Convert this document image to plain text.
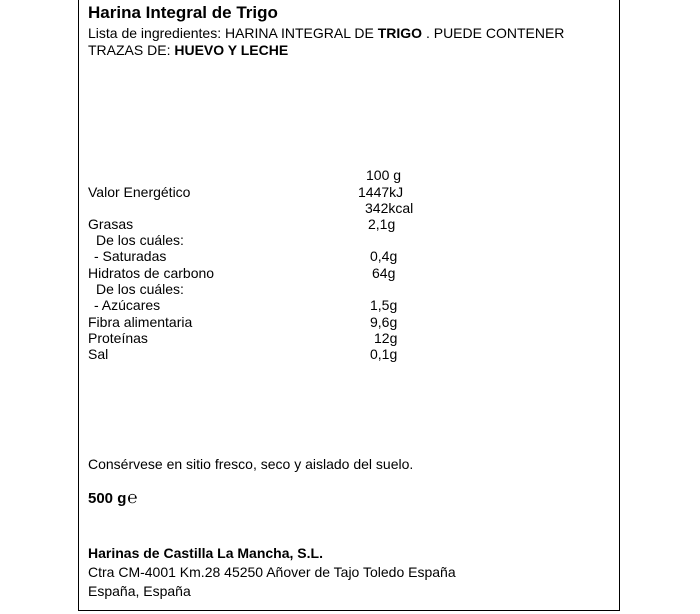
Harina Integral de Trigo
Lista de ingredientes: HARINA INTEGRAL DE TRIGO . PUEDE CONTENER
TRAZAS DE: HUEVO Y LECHE
100 g
Valor Energético	1447kJ
342kcal
Grasas	2,1g
De los cuáles:
- Saturadas	0,4g
Hidratos de carbono	64g
De los cuáles:
- Azúcares	1,5g
Fibra alimentaria	9,6g
Proteínas	12g
Sal	0,1g
Consérvese en sitio fresco, seco y aislado del suelo.
500 g℮
Harinas de Castilla La Mancha, S.L.
Ctra CM-4001 Km.28 45250 Añover de Tajo Toledo España
España, España
